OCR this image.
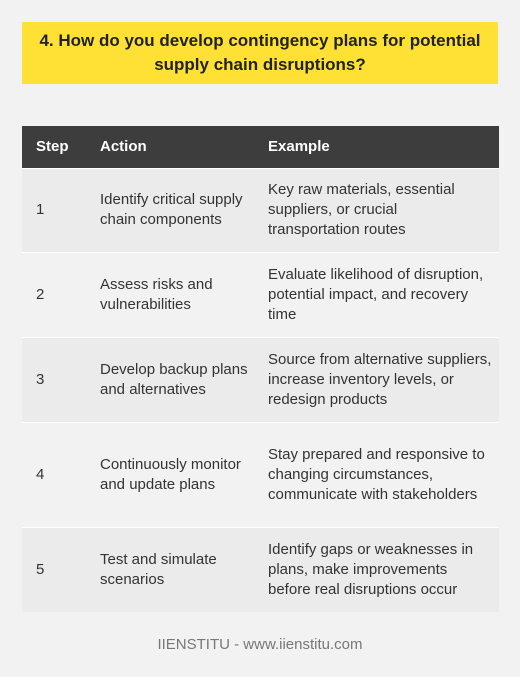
4. How do you develop contingency plans for potential supply chain disruptions?
Step	Action	Example
1	Identify critical supply chain components	Key raw materials, essential suppliers, or crucial transportation routes
2	Assess risks and vulnerabilities	Evaluate likelihood of disruption, potential impact, and recovery time
3	Develop backup plans and alternatives	Source from alternative suppliers, increase inventory levels, or redesign products
4	Continuously monitor and update plans	Stay prepared and responsive to changing circumstances, communicate with stakeholders
5	Test and simulate scenarios	Identify gaps or weaknesses in plans, make improvements before real disruptions occur
IIENSTITU - www.iienstitu.com
